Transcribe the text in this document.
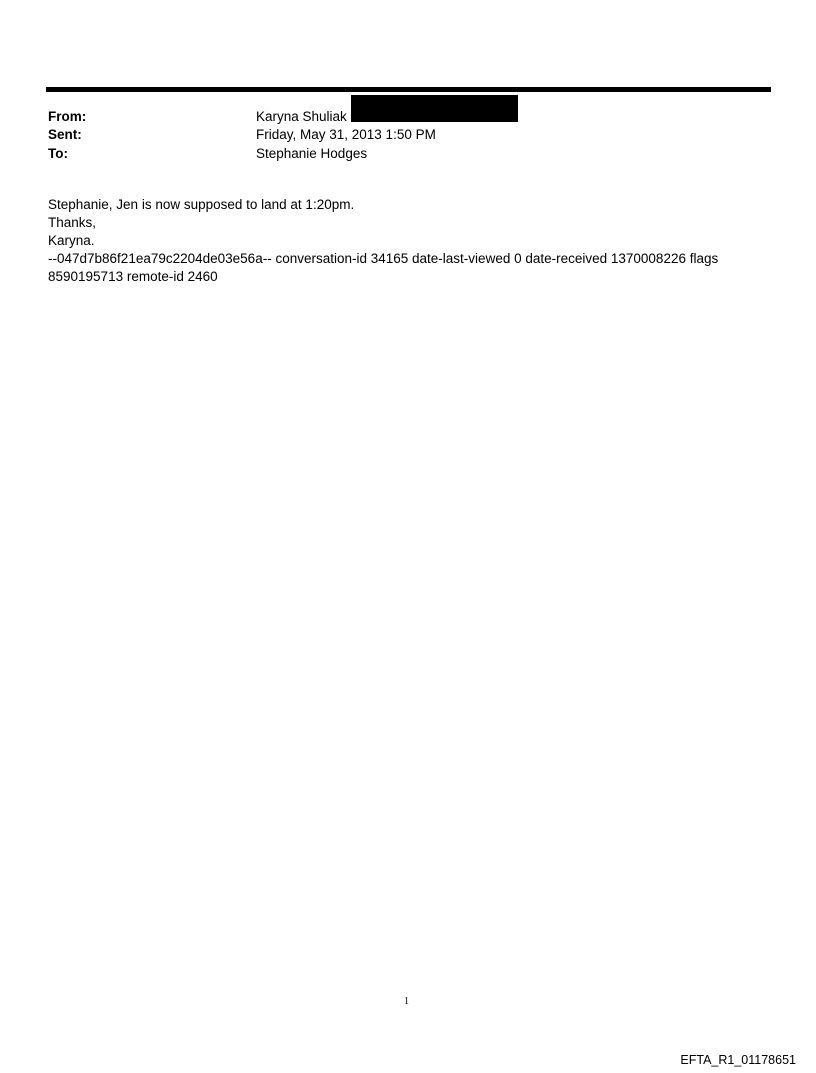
From:	Karyna Shuliak
Sent:	Friday, May 31, 2013 1:50 PM
To:	Stephanie Hodges
Stephanie, Jen is now supposed to land at 1:20pm.
Thanks,
Karyna.
--047d7b86f21ea79c2204de03e56a-- conversation-id 34165 date-last-viewed 0 date-received 1370008226 flags
8590195713 remote-id 2460
1
EFTA_R1_01178651
